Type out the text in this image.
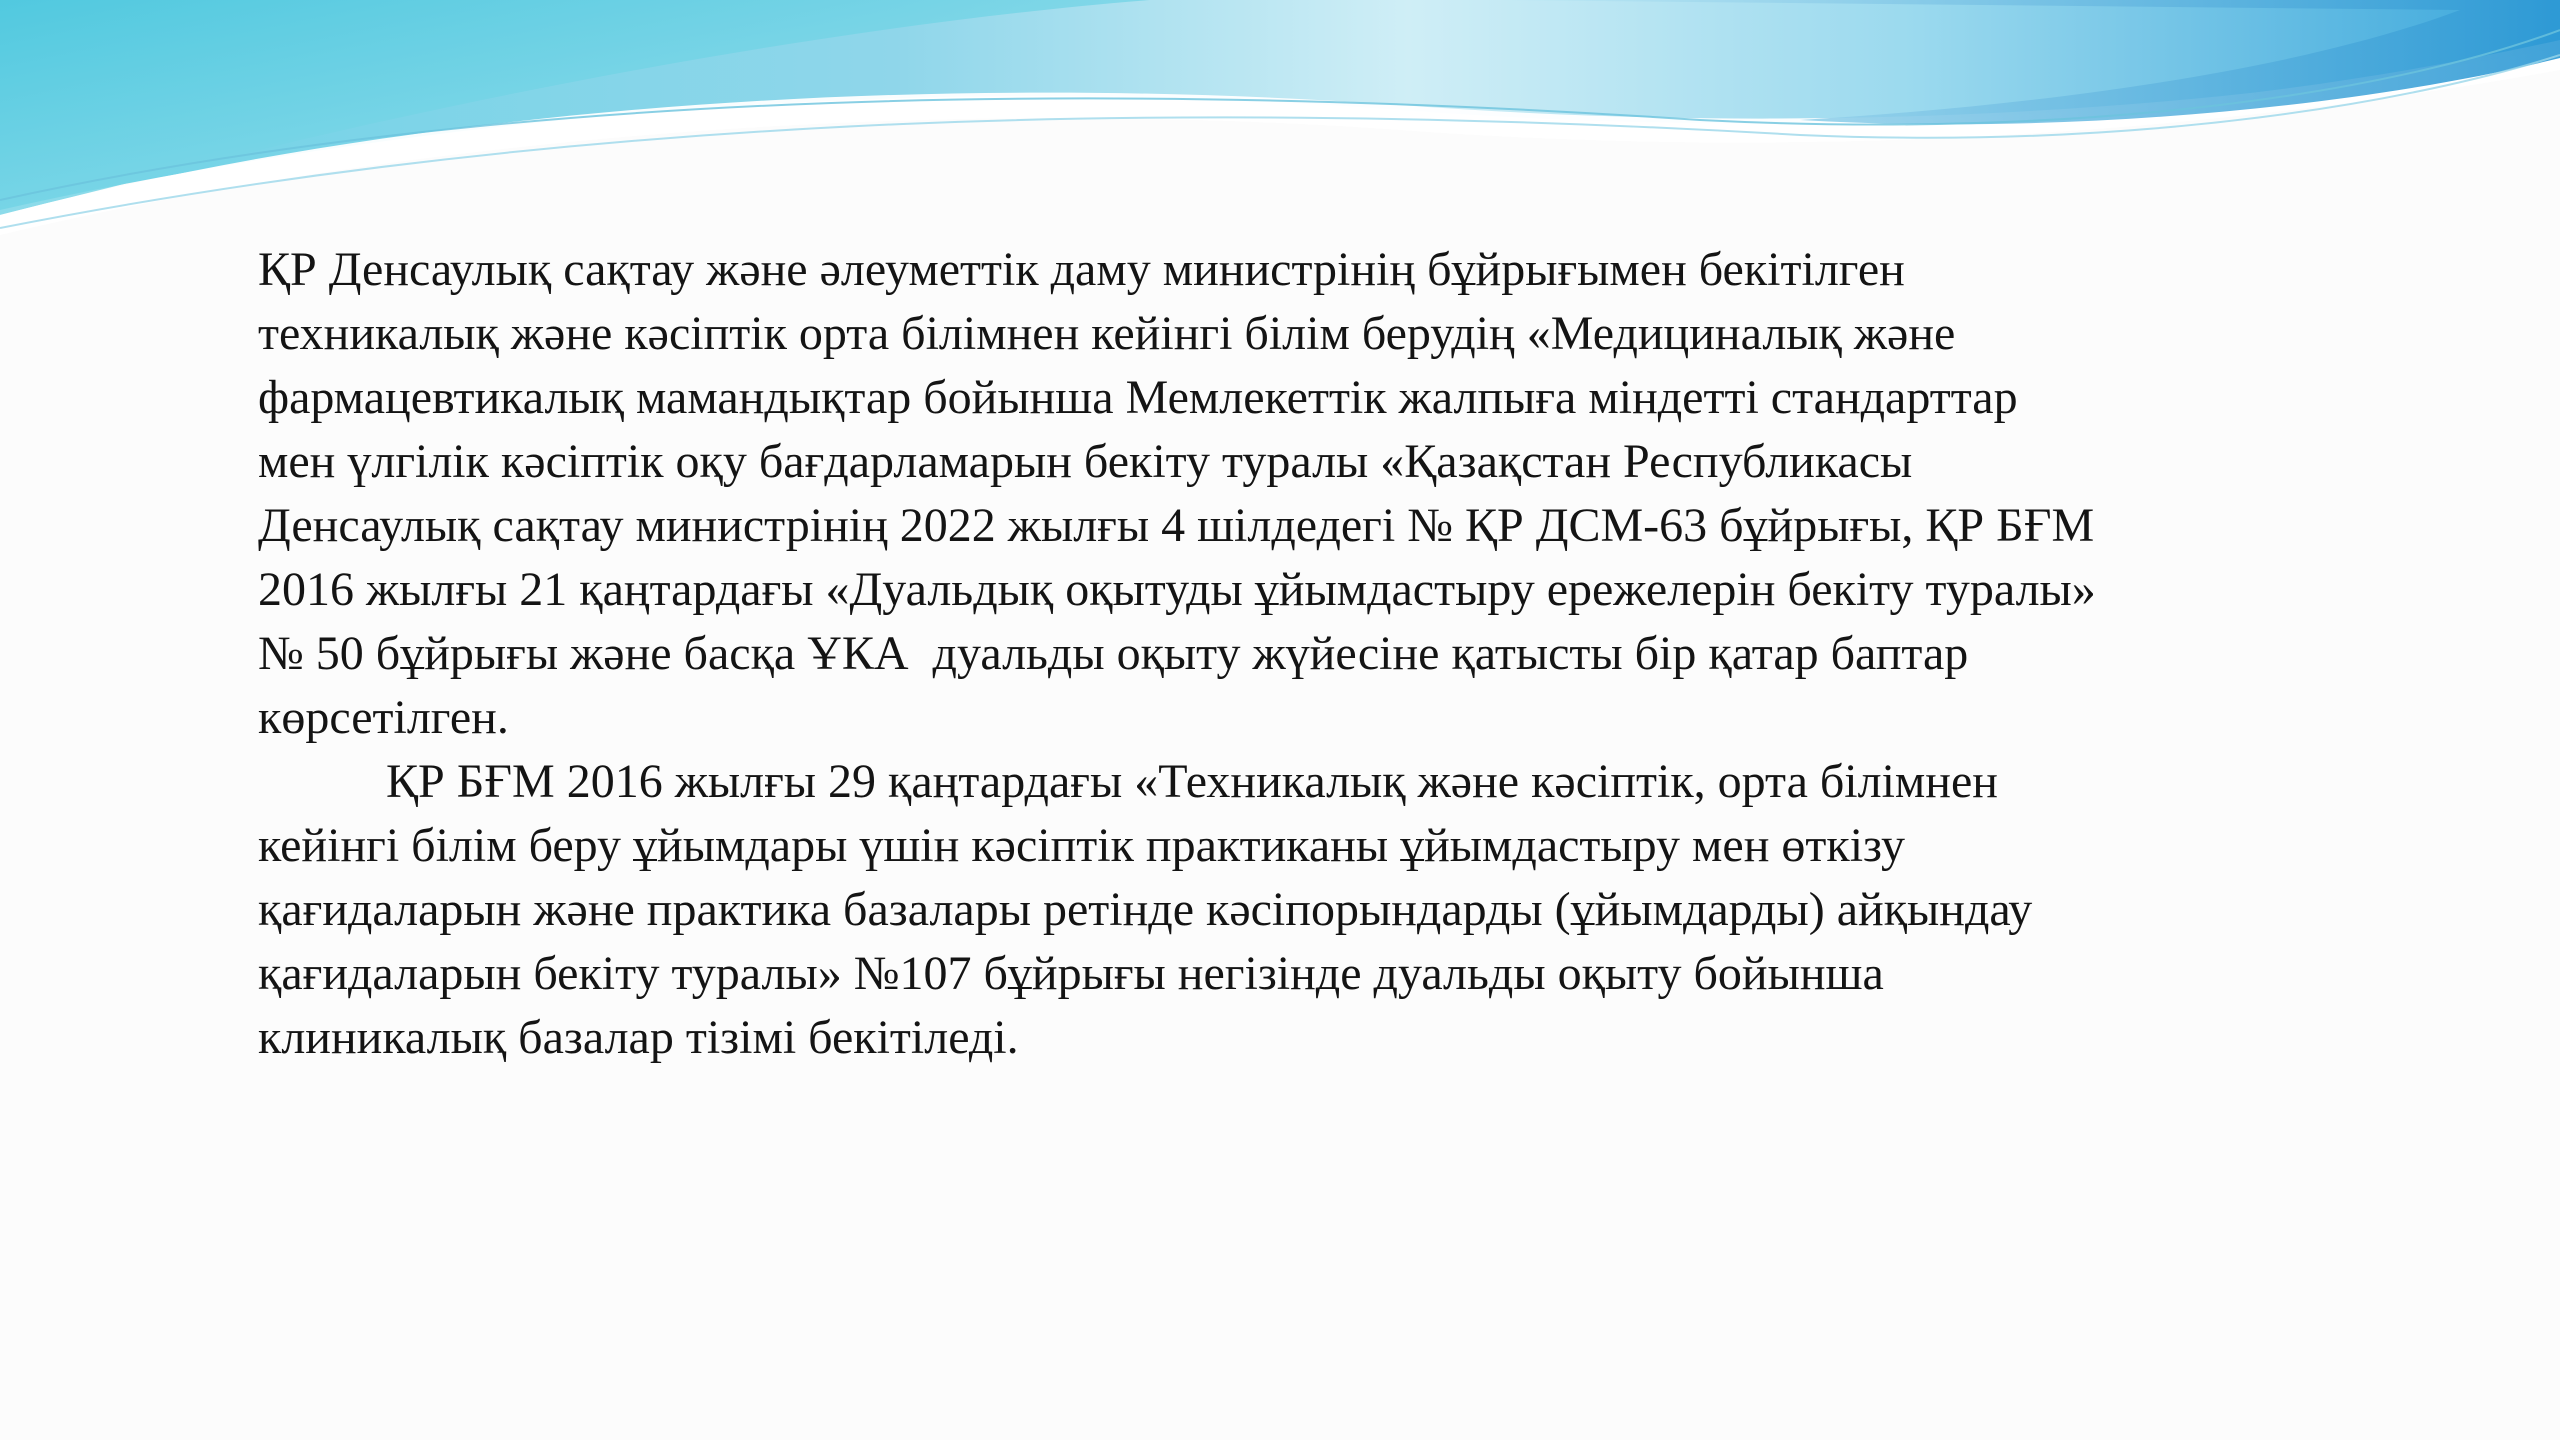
ҚР Денсаулық сақтау және әлеуметтік даму министрінің бұйрығымен бекітілген
техникалық және кәсіптік орта білімнен кейінгі білім берудің «Медициналық және
фармацевтикалық мамандықтар бойынша Мемлекеттік жалпыға міндетті стандарттар
мен үлгілік кәсіптік оқу бағдарламарын бекіту туралы «Қазақстан Республикасы
Денсаулық сақтау министрінің 2022 жылғы 4 шілдедегі № ҚР ДСМ-63 бұйрығы, ҚР БҒМ
2016 жылғы 21 қаңтардағы «Дуальдық оқытуды ұйымдастыру ережелерін бекіту туралы»
№ 50 бұйрығы және басқа ҰКА  дуальды оқыту жүйесіне қатысты бір қатар баптар
көрсетілген.
ҚР БҒМ 2016 жылғы 29 қаңтардағы «Техникалық және кәсіптік, орта білімнен
кейінгі білім беру ұйымдары үшін кәсіптік практиканы ұйымдастыру мен өткізу
қағидаларын және практика базалары ретінде кәсіпорындарды (ұйымдарды) айқындау
қағидаларын бекіту туралы» №107 бұйрығы негізінде дуальды оқыту бойынша
клиникалық базалар тізімі бекітіледі.
